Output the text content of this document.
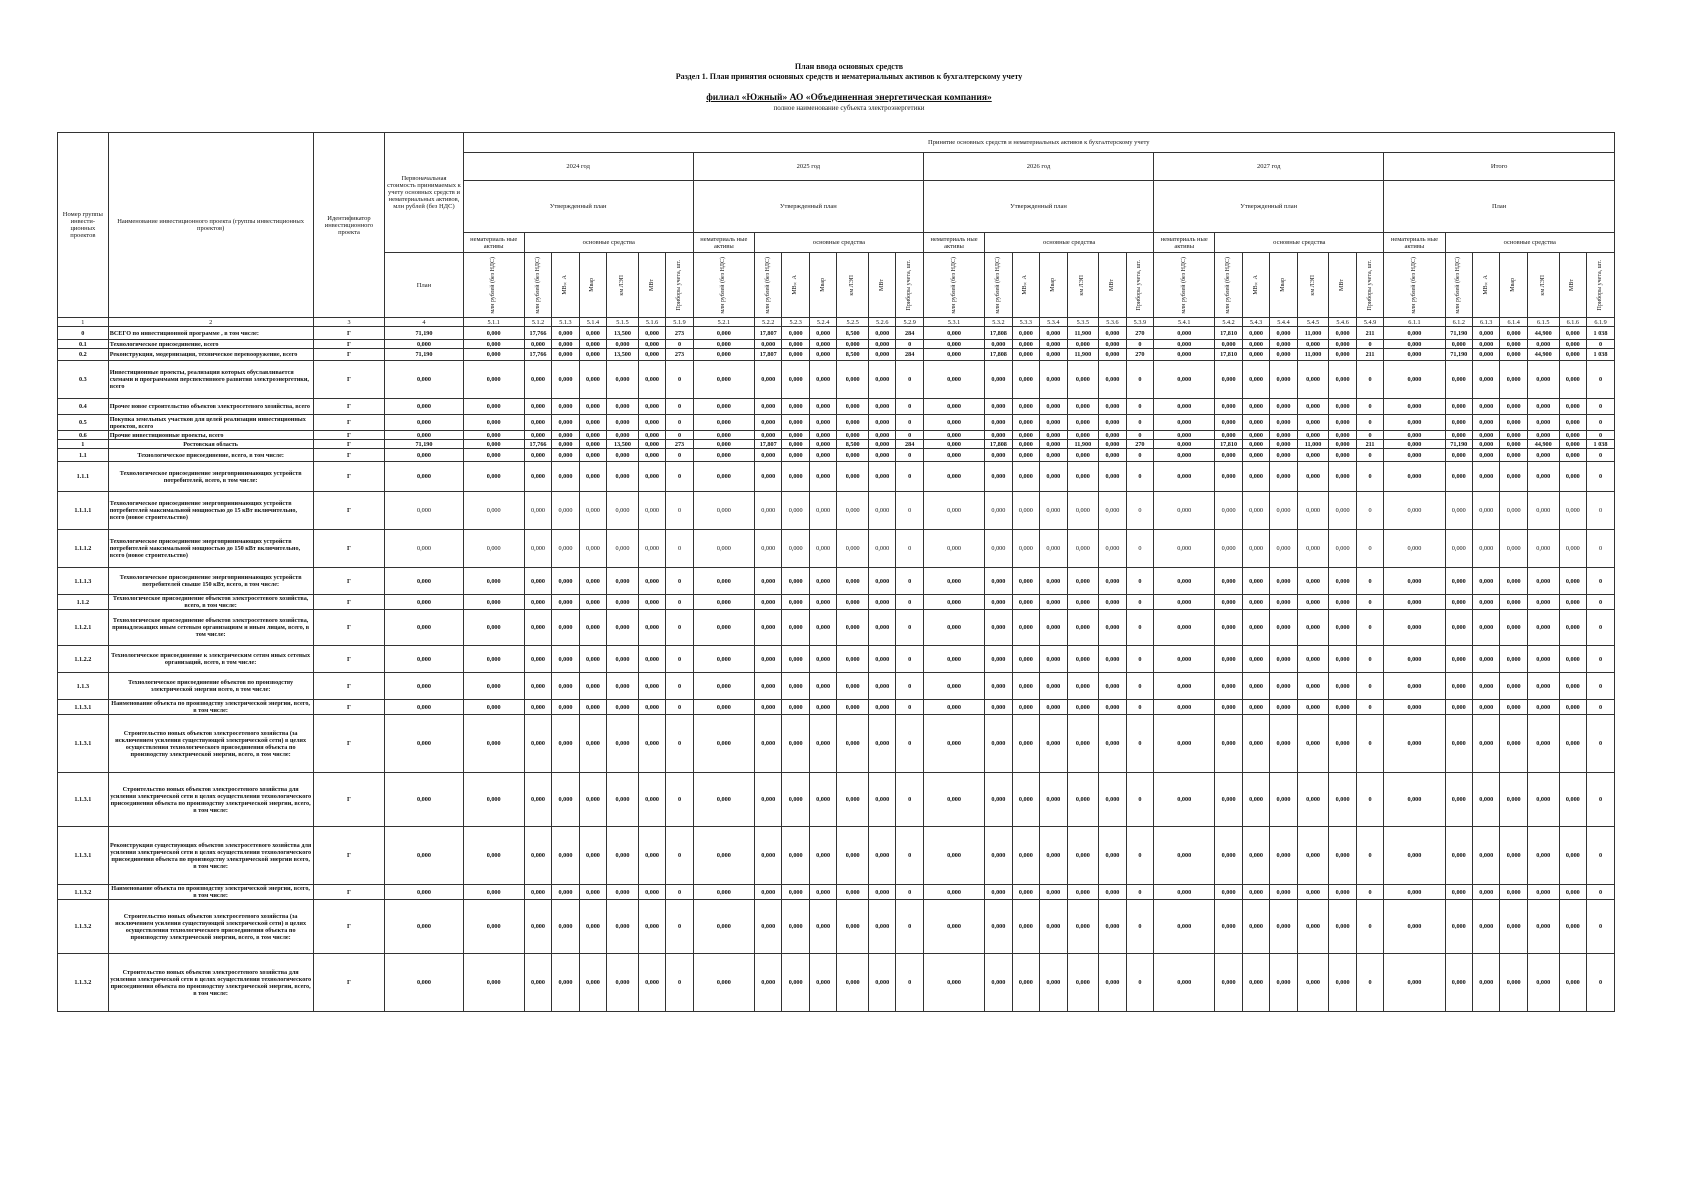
План ввода основных средств
Раздел 1. План принятия основных средств и нематериальных активов к бухгалтерскому учету
филиал «Южный» АО «Объединенная энергетическая компания»
полное наименование субъекта электроэнергетики
Номер группы инвести-ционных проектов	Наименование инвестиционного проекта (группы инвестиционных проектов)	Идентификатор инвестиционного проекта	Первоначальная стоимость принимаемых к учету основных средств и нематериальных активов, млн рублей (без НДС)	Принятие основных средств и нематериальных активов к бухгалтерскому учету																																		
				2024 год							2025 год							2026 год							2027 год							Итого						
				Утвержденный план							Утвержденный план							Утвержденный план							Утвержденный план							План						
				нематериаль ные активы	основные средства						нематериаль ные активы	основные средства						нематериаль ные активы	основные средства						нематериаль ные активы	основные средства						нематериаль ные активы	основные средства					
			План	млн рублей (без НДС)	млн рублей (без НДС)	МВ×А	Мвар	км ЛЭП	МВт	Приборы учета, шт.	млн рублей (без НДС)	млн рублей (без НДС)	МВ×А	Мвар	км ЛЭП	МВт	Приборы учета, шт.	млн рублей (без НДС)	млн рублей (без НДС)	МВ×А	Мвар	км ЛЭП	МВт	Приборы учета, шт.	млн рублей (без НДС)	млн рублей (без НДС)	МВ×А	Мвар	км ЛЭП	МВт	Приборы учета, шт.	млн рублей (без НДС)	млн рублей (без НДС)	МВ×А	Мвар	км ЛЭП	МВт	Приборы учета, шт.

1	2	3	4	5.1.1	5.1.2	5.1.3	5.1.4	5.1.5	5.1.6	5.1.9	5.2.1	5.2.2	5.2.3	5.2.4	5.2.5	5.2.6	5.2.9	5.3.1	5.3.2	5.3.3	5.3.4	5.3.5	5.3.6	5.3.9	5.4.1	5.4.2	5.4.3	5.4.4	5.4.5	5.4.6	5.4.9	6.1.1	6.1.2	6.1.3	6.1.4	6.1.5	6.1.6	6.1.9
0	ВСЕГО по инвестиционной программе , в том числе:	Г	71,190	0,000	17,766	0,000	0,000	13,500	0,000	273	0,000	17,807	0,000	0,000	8,500	0,000	284	0,000	17,808	0,000	0,000	11,900	0,000	270	0,000	17,810	0,000	0,000	11,000	0,000	211	0,000	71,190	0,000	0,000	44,900	0,000	1 038
0.1	Технологическое присоединение, всего	Г	0,000	0,000	0,000	0,000	0,000	0,000	0,000	0	0,000	0,000	0,000	0,000	0,000	0,000	0	0,000	0,000	0,000	0,000	0,000	0,000	0	0,000	0,000	0,000	0,000	0,000	0,000	0	0,000	0,000	0,000	0,000	0,000	0,000	0
0.2	Реконструкция, модернизация, техническое перевооружение, всего	Г	71,190	0,000	17,766	0,000	0,000	13,500	0,000	273	0,000	17,807	0,000	0,000	8,500	0,000	284	0,000	17,808	0,000	0,000	11,900	0,000	270	0,000	17,810	0,000	0,000	11,000	0,000	211	0,000	71,190	0,000	0,000	44,900	0,000	1 038
0.3	Инвестиционные проекты, реализация которых обуславливается схемами и программами перспективного развития электроэнергетики, всего	Г	0,000	0,000	0,000	0,000	0,000	0,000	0,000	0	0,000	0,000	0,000	0,000	0,000	0,000	0	0,000	0,000	0,000	0,000	0,000	0,000	0	0,000	0,000	0,000	0,000	0,000	0,000	0	0,000	0,000	0,000	0,000	0,000	0,000	0
0.4	Прочее новое строительство объектов электросетевого хозяйства, всего	Г	0,000	0,000	0,000	0,000	0,000	0,000	0,000	0	0,000	0,000	0,000	0,000	0,000	0,000	0	0,000	0,000	0,000	0,000	0,000	0,000	0	0,000	0,000	0,000	0,000	0,000	0,000	0	0,000	0,000	0,000	0,000	0,000	0,000	0
0.5	Покупка земельных участков для целей реализации инвестиционных проектов, всего	Г	0,000	0,000	0,000	0,000	0,000	0,000	0,000	0	0,000	0,000	0,000	0,000	0,000	0,000	0	0,000	0,000	0,000	0,000	0,000	0,000	0	0,000	0,000	0,000	0,000	0,000	0,000	0	0,000	0,000	0,000	0,000	0,000	0,000	0
0.6	Прочие инвестиционные проекты, всего	Г	0,000	0,000	0,000	0,000	0,000	0,000	0,000	0	0,000	0,000	0,000	0,000	0,000	0,000	0	0,000	0,000	0,000	0,000	0,000	0,000	0	0,000	0,000	0,000	0,000	0,000	0,000	0	0,000	0,000	0,000	0,000	0,000	0,000	0
1	Ростовская область	Г	71,190	0,000	17,766	0,000	0,000	13,500	0,000	273	0,000	17,807	0,000	0,000	8,500	0,000	284	0,000	17,808	0,000	0,000	11,900	0,000	270	0,000	17,810	0,000	0,000	11,000	0,000	211	0,000	71,190	0,000	0,000	44,900	0,000	1 038
1.1	Технологическое присоединение, всего, в том числе:	Г	0,000	0,000	0,000	0,000	0,000	0,000	0,000	0	0,000	0,000	0,000	0,000	0,000	0,000	0	0,000	0,000	0,000	0,000	0,000	0,000	0	0,000	0,000	0,000	0,000	0,000	0,000	0	0,000	0,000	0,000	0,000	0,000	0,000	0
1.1.1	Технологическое присоединение энергопринимающих устройств потребителей, всего, в том числе:	Г	0,000	0,000	0,000	0,000	0,000	0,000	0,000	0	0,000	0,000	0,000	0,000	0,000	0,000	0	0,000	0,000	0,000	0,000	0,000	0,000	0	0,000	0,000	0,000	0,000	0,000	0,000	0	0,000	0,000	0,000	0,000	0,000	0,000	0
1.1.1.1	Технологическое присоединение энергопринимающих устройств потребителей максимальной мощностью до 15 кВт включительно, всего (новое строительство)	Г	0,000	0,000	0,000	0,000	0,000	0,000	0,000	0	0,000	0,000	0,000	0,000	0,000	0,000	0	0,000	0,000	0,000	0,000	0,000	0,000	0	0,000	0,000	0,000	0,000	0,000	0,000	0	0,000	0,000	0,000	0,000	0,000	0,000	0
1.1.1.2	Технологическое присоединение энергопринимающих устройств потребителей максимальной мощностью до 150 кВт включительно, всего (новое строительство)	Г	0,000	0,000	0,000	0,000	0,000	0,000	0,000	0	0,000	0,000	0,000	0,000	0,000	0,000	0	0,000	0,000	0,000	0,000	0,000	0,000	0	0,000	0,000	0,000	0,000	0,000	0,000	0	0,000	0,000	0,000	0,000	0,000	0,000	0
1.1.1.3	Технологическое присоединение энергопринимающих устройств потребителей свыше 150 кВт, всего, в том числе:	Г	0,000	0,000	0,000	0,000	0,000	0,000	0,000	0	0,000	0,000	0,000	0,000	0,000	0,000	0	0,000	0,000	0,000	0,000	0,000	0,000	0	0,000	0,000	0,000	0,000	0,000	0,000	0	0,000	0,000	0,000	0,000	0,000	0,000	0
1.1.2	Технологическое присоединение объектов электросетевого хозяйства, всего, в том числе:	Г	0,000	0,000	0,000	0,000	0,000	0,000	0,000	0	0,000	0,000	0,000	0,000	0,000	0,000	0	0,000	0,000	0,000	0,000	0,000	0,000	0	0,000	0,000	0,000	0,000	0,000	0,000	0	0,000	0,000	0,000	0,000	0,000	0,000	0
1.1.2.1	Технологическое присоединение объектов электросетевого хозяйства, принадлежащих иным сетевым организациям и иным лицам, всего, в том числе:	Г	0,000	0,000	0,000	0,000	0,000	0,000	0,000	0	0,000	0,000	0,000	0,000	0,000	0,000	0	0,000	0,000	0,000	0,000	0,000	0,000	0	0,000	0,000	0,000	0,000	0,000	0,000	0	0,000	0,000	0,000	0,000	0,000	0,000	0
1.1.2.2	Технологическое присоединение к электрическим сетям иных сетевых организаций, всего, в том числе:	Г	0,000	0,000	0,000	0,000	0,000	0,000	0,000	0	0,000	0,000	0,000	0,000	0,000	0,000	0	0,000	0,000	0,000	0,000	0,000	0,000	0	0,000	0,000	0,000	0,000	0,000	0,000	0	0,000	0,000	0,000	0,000	0,000	0,000	0
1.1.3	Технологическое присоединение объектов по производству электрической энергии всего, в том числе:	Г	0,000	0,000	0,000	0,000	0,000	0,000	0,000	0	0,000	0,000	0,000	0,000	0,000	0,000	0	0,000	0,000	0,000	0,000	0,000	0,000	0	0,000	0,000	0,000	0,000	0,000	0,000	0	0,000	0,000	0,000	0,000	0,000	0,000	0
1.1.3.1	Наименование объекта по производству электрической энергии, всего, в том числе:	Г	0,000	0,000	0,000	0,000	0,000	0,000	0,000	0	0,000	0,000	0,000	0,000	0,000	0,000	0	0,000	0,000	0,000	0,000	0,000	0,000	0	0,000	0,000	0,000	0,000	0,000	0,000	0	0,000	0,000	0,000	0,000	0,000	0,000	0
1.1.3.1	Строительство новых объектов электросетевого хозяйства (за исключением усиления существующей электрической сети) в целях осуществления технологического присоединения объекта по производству электрической энергии, всего, в том числе:	Г	0,000	0,000	0,000	0,000	0,000	0,000	0,000	0	0,000	0,000	0,000	0,000	0,000	0,000	0	0,000	0,000	0,000	0,000	0,000	0,000	0	0,000	0,000	0,000	0,000	0,000	0,000	0	0,000	0,000	0,000	0,000	0,000	0,000	0
1.1.3.1	Строительство новых объектов электросетевого хозяйства для усиления электрической сети в целях осуществления технологического присоединения объекта по производству электрической энергии, всего, в том числе:	Г	0,000	0,000	0,000	0,000	0,000	0,000	0,000	0	0,000	0,000	0,000	0,000	0,000	0,000	0	0,000	0,000	0,000	0,000	0,000	0,000	0	0,000	0,000	0,000	0,000	0,000	0,000	0	0,000	0,000	0,000	0,000	0,000	0,000	0
1.1.3.1	Реконструкция существующих объектов электросетевого хозяйства для усиления электрической сети в целях осуществления технологического присоединения объекта по производству электрической энергии всего, в том числе:	Г	0,000	0,000	0,000	0,000	0,000	0,000	0,000	0	0,000	0,000	0,000	0,000	0,000	0,000	0	0,000	0,000	0,000	0,000	0,000	0,000	0	0,000	0,000	0,000	0,000	0,000	0,000	0	0,000	0,000	0,000	0,000	0,000	0,000	0
1.1.3.2	Наименование объекта по производству электрической энергии, всего, в том числе:	Г	0,000	0,000	0,000	0,000	0,000	0,000	0,000	0	0,000	0,000	0,000	0,000	0,000	0,000	0	0,000	0,000	0,000	0,000	0,000	0,000	0	0,000	0,000	0,000	0,000	0,000	0,000	0	0,000	0,000	0,000	0,000	0,000	0,000	0
1.1.3.2	Строительство новых объектов электросетевого хозяйства (за исключением усиления существующей электрической сети) в целях осуществления технологического присоединения объекта по производству электрической энергии, всего, в том числе:	Г	0,000	0,000	0,000	0,000	0,000	0,000	0,000	0	0,000	0,000	0,000	0,000	0,000	0,000	0	0,000	0,000	0,000	0,000	0,000	0,000	0	0,000	0,000	0,000	0,000	0,000	0,000	0	0,000	0,000	0,000	0,000	0,000	0,000	0
1.1.3.2	Строительство новых объектов электросетевого хозяйства для усиления электрической сети в целях осуществления технологического присоединения объекта по производству электрической энергии, всего, в том числе:	Г	0,000	0,000	0,000	0,000	0,000	0,000	0,000	0	0,000	0,000	0,000	0,000	0,000	0,000	0	0,000	0,000	0,000	0,000	0,000	0,000	0	0,000	0,000	0,000	0,000	0,000	0,000	0	0,000	0,000	0,000	0,000	0,000	0,000	0
